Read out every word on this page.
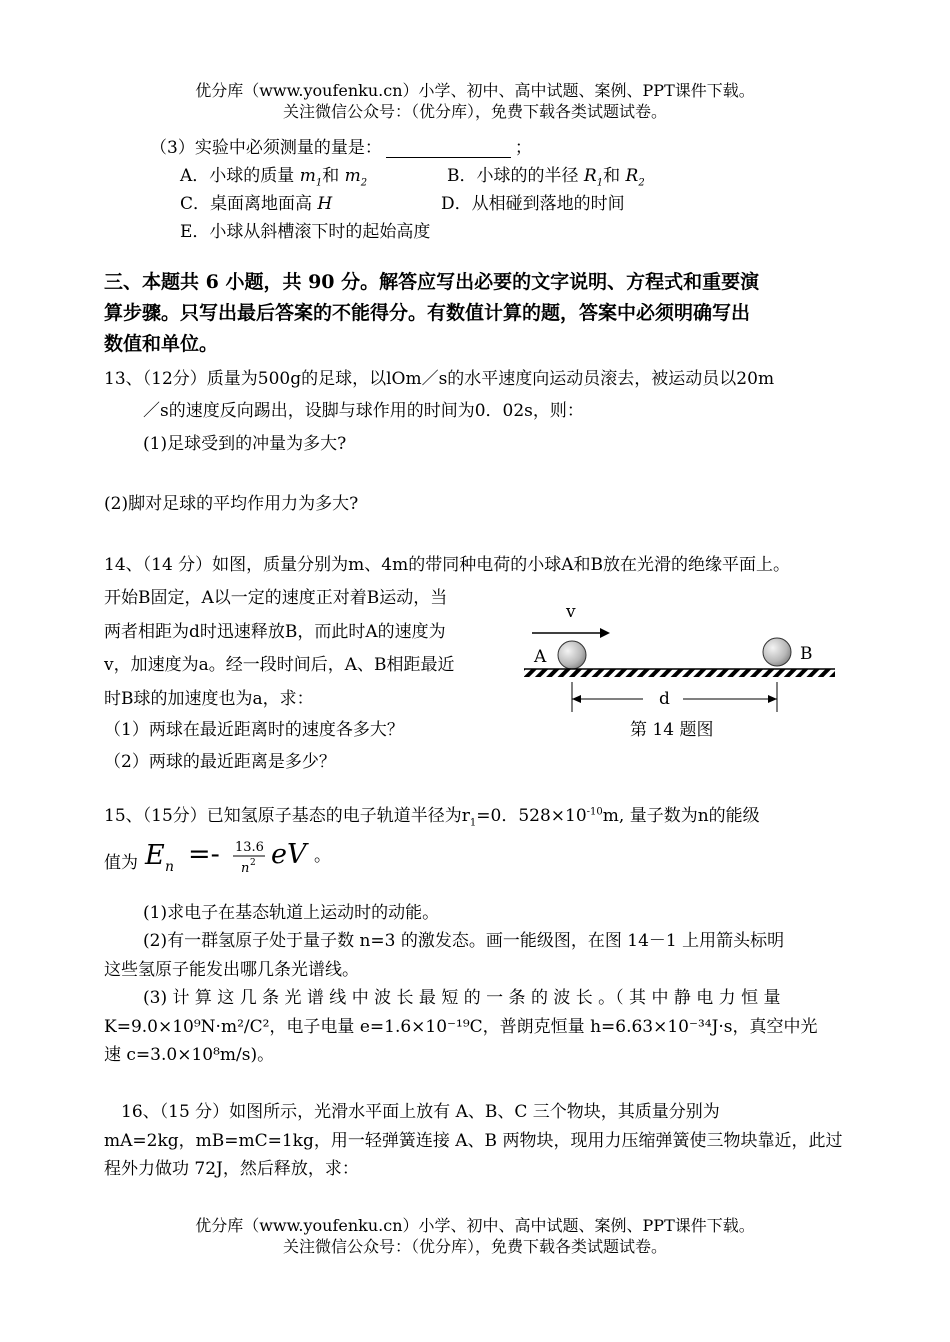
优分库（www.youfenku.cn）小学、初中、高中试题、案例、PPT课件下载。
关注微信公众号：（优分库），免费下载各类试题试卷。
（3）实验中必须测量的量是：	；
A．小球的质量 $m_1$和 $m_2$	B．小球的的半径 $R_1$和 $R_2$
C．桌面离地面高 H	D．从相碰到落地的时间
E．小球从斜槽滚下时的起始高度
三、本题共 6 小题，共 90 分。解答应写出必要的文字说明、方程式和重要演
算步骤。只写出最后答案的不能得分。有数值计算的题，答案中必须明确写出
数值和单位。
13、（12分）质量为500g的足球，以lOm／s的水平速度向运动员滚去，被运动员以20m
／s的速度反向踢出，设脚与球作用的时间为0．02s，则：
(1)足球受到的冲量为多大?
(2)脚对足球的平均作用力为多大?
14、（14 分）如图，质量分别为m、4m的带同种电荷的小球A和B放在光滑的绝缘平面上。
开始B固定，A以一定的速度正对着B运动，当
两者相距为d时迅速释放B，而此时A的速度为
v，加速度为a。经一段时间后，A、B相距最近
时B球的加速度也为a，求：
（1）两球在最近距离时的速度各多大？
（2）两球的最近距离是多少？
v
A	B
d
第 14 题图
15、（15分）已知氢原子基态的电子轨道半径为$r_1=0$．$528\times 10^{-10}m$, 量子数为n的能级
值为 E n =- 13.6
n 2 eV 。
(1)求电子在基态轨道上运动时的动能。
(2)有一群氢原子处于量子数 n=3 的激发态。画一能级图，在图 14－1 上用箭头标明
这些氢原子能发出哪几条光谱线。
(3) 计 算 这 几 条 光 谱 线 中 波 长 最 短 的 一 条 的 波 长 。（ 其 中 静 电 力 恒 量
K=9.0×10⁹N·m²/C²，电子电量 e=1.6×10⁻¹⁹C，普朗克恒量 h=6.63×10⁻³⁴J·s，真空中光
速 c=3.0×10⁸m/s)。
16、（15 分）如图所示，光滑水平面上放有 A、B、C 三个物块，其质量分别为
mA=2kg，mB=mC=1kg，用一轻弹簧连接 A、B 两物块，现用力压缩弹簧使三物块靠近，此过
程外力做功 72J，然后释放，求：
优分库（www.youfenku.cn）小学、初中、高中试题、案例、PPT课件下载。
关注微信公众号：（优分库），免费下载各类试题试卷。
